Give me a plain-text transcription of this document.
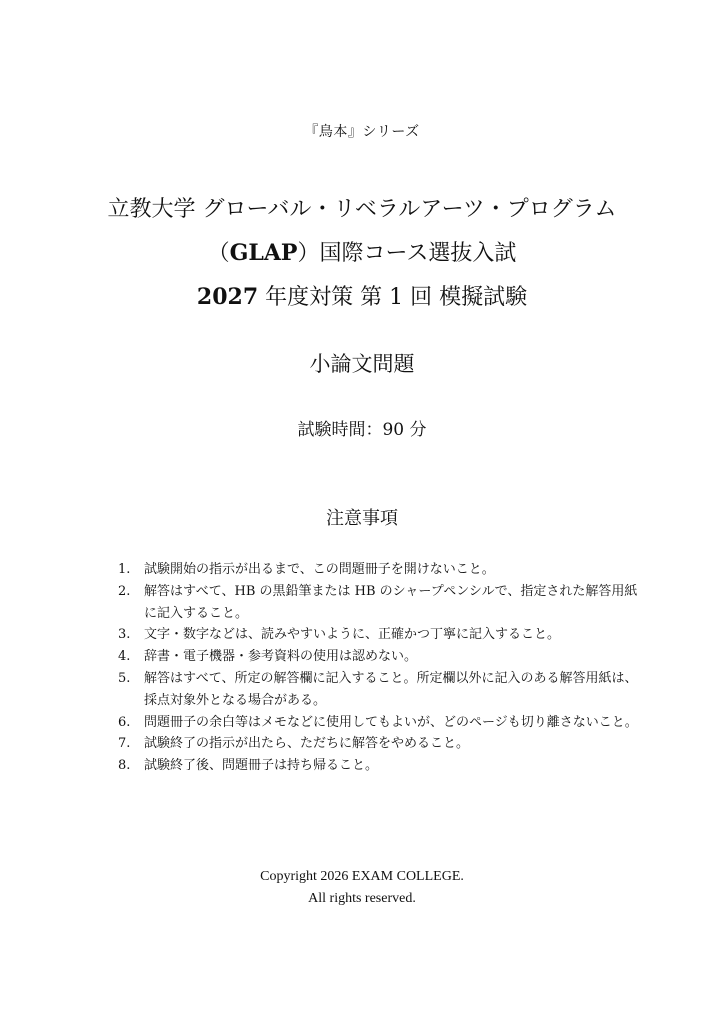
『鳥本』シリーズ
立教大学 グローバル・リベラルアーツ・プログラム
（GLAP）国際コース選抜入試
2027 年度対策 第 1 回 模擬試験
小論文問題
試験時間：90 分
注意事項
1. 試験開始の指示が出るまで、この問題冊子を開けないこと。
2. 解答はすべて、HB の黒鉛筆または HB のシャープペンシルで、指定された解答用紙に記入すること。
3. 文字・数字などは、読みやすいように、正確かつ丁寧に記入すること。
4. 辞書・電子機器・参考資料の使用は認めない。
5. 解答はすべて、所定の解答欄に記入すること。所定欄以外に記入のある解答用紙は、採点対象外となる場合がある。
6. 問題冊子の余白等はメモなどに使用してもよいが、どのページも切り離さないこと。
7. 試験終了の指示が出たら、ただちに解答をやめること。
8. 試験終了後、問題冊子は持ち帰ること。
Copyright 2026 EXAM COLLEGE.
All rights reserved.
